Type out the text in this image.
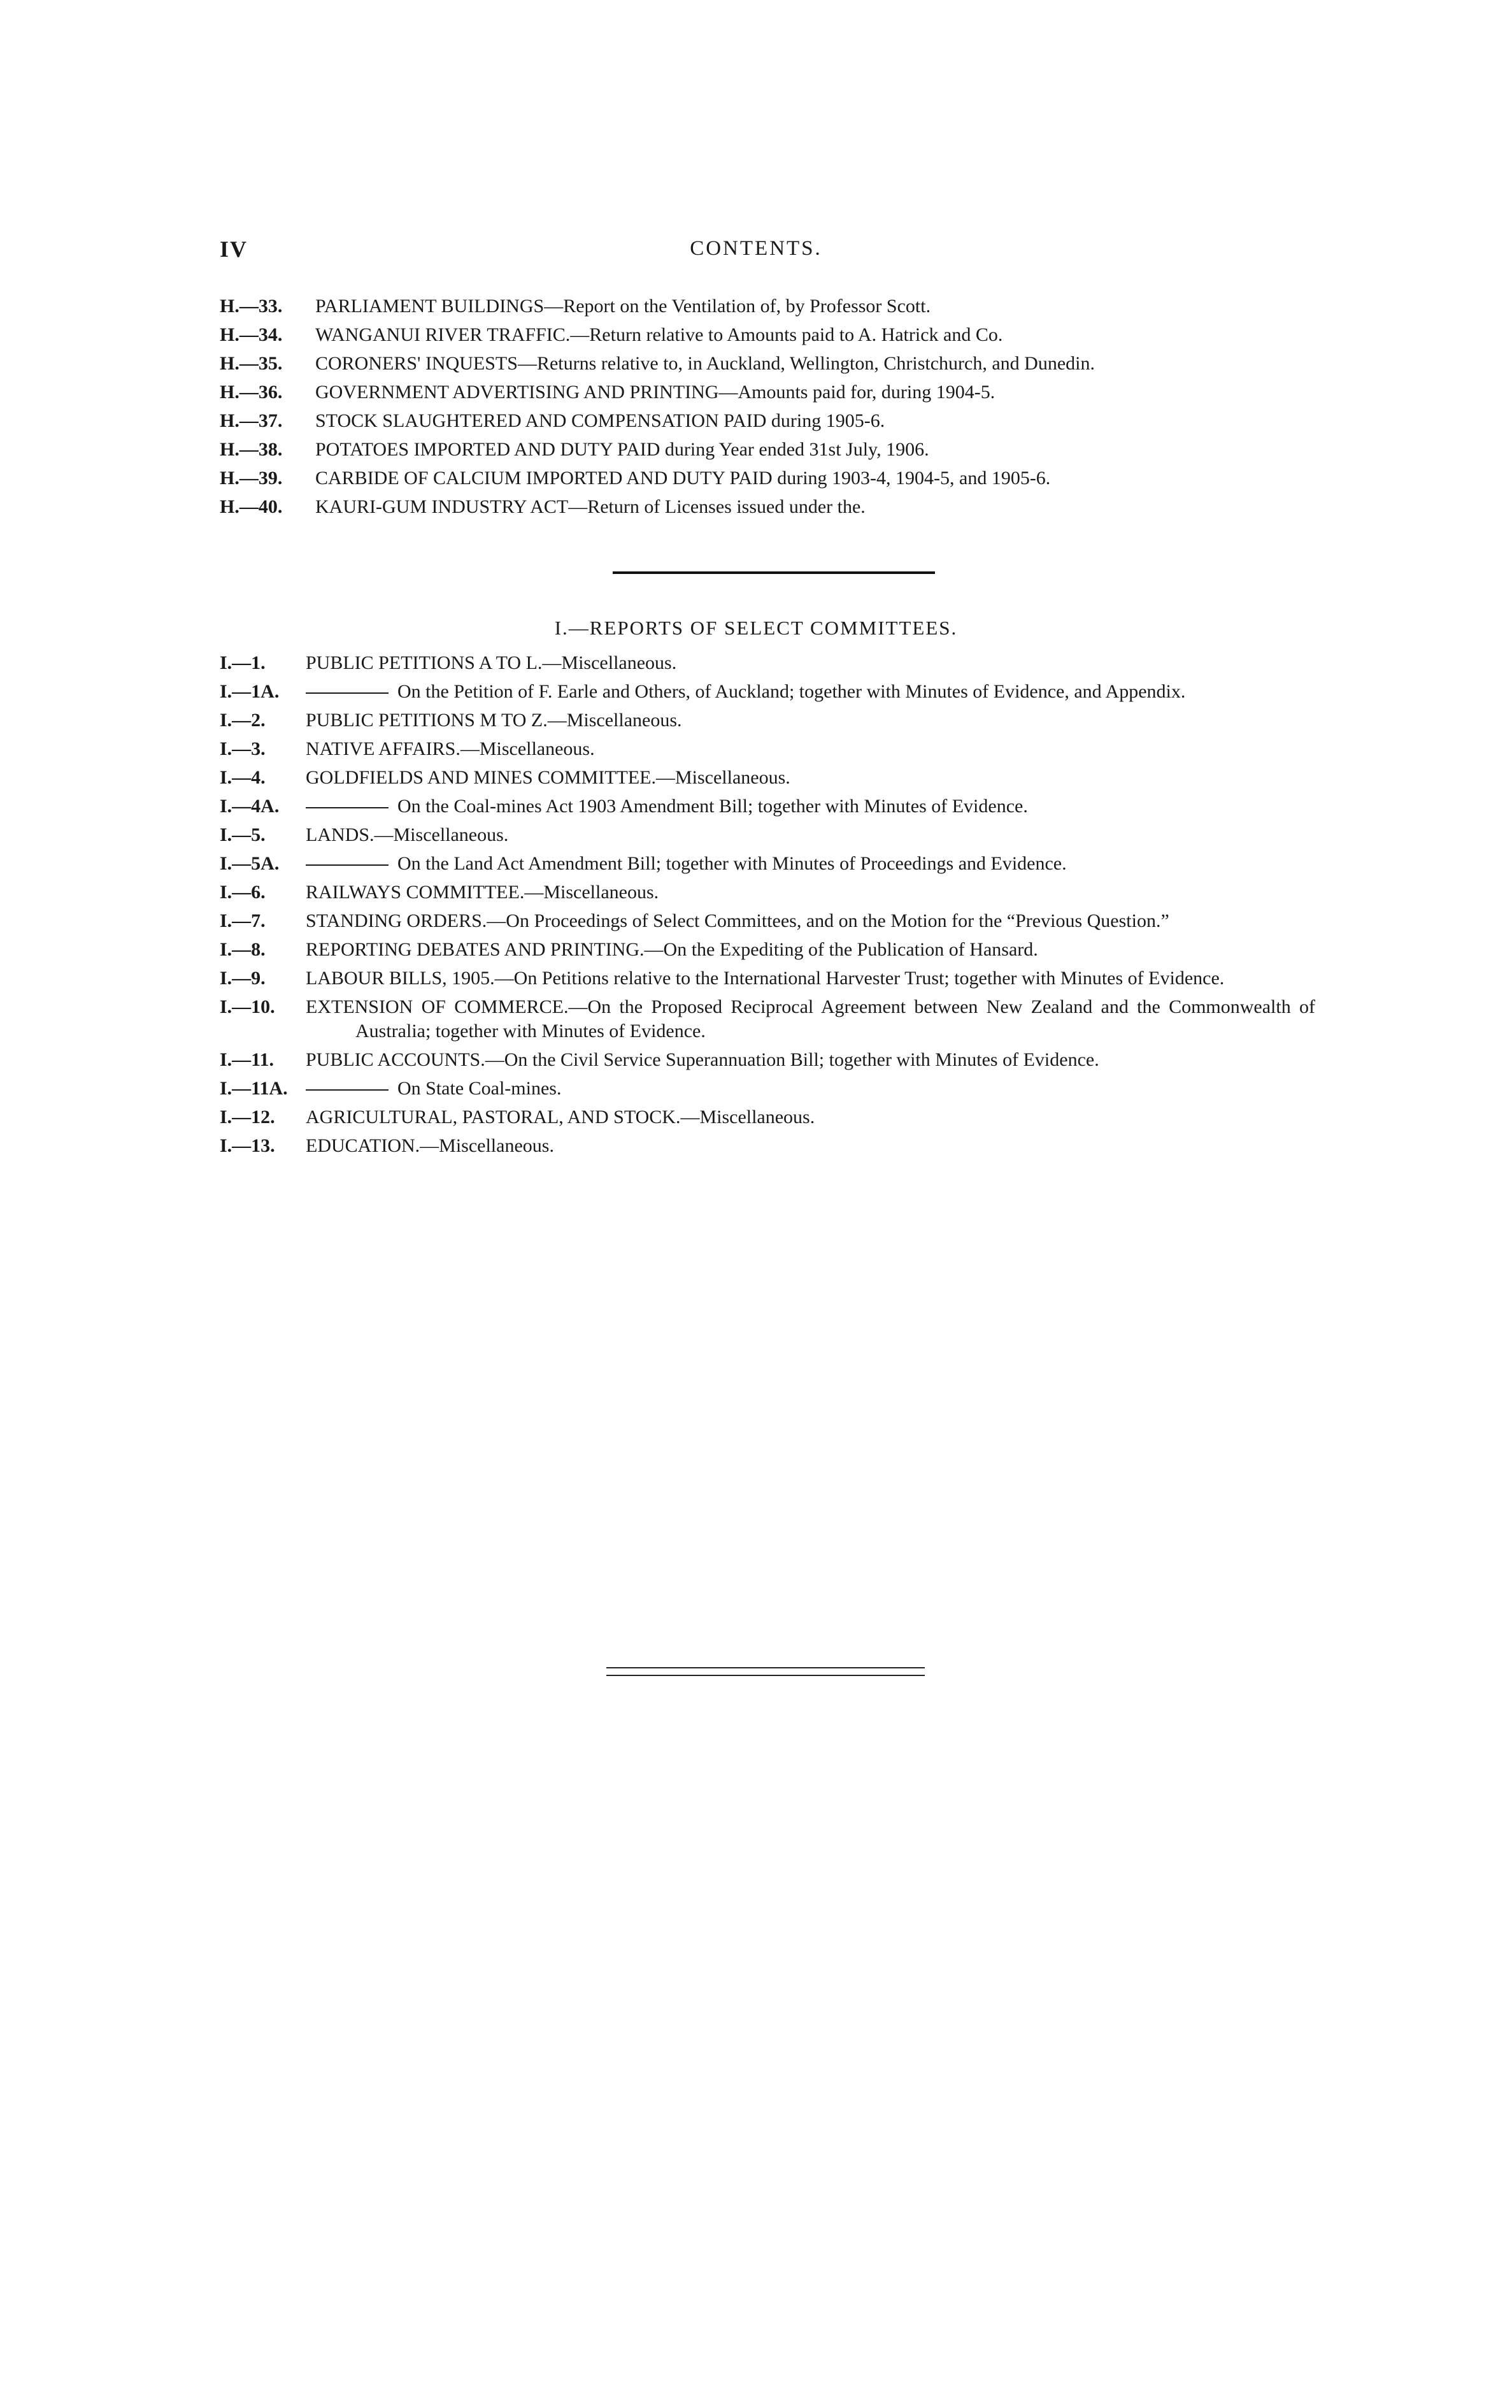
IV	CONTENTS.
H.—33.	PARLIAMENT BUILDINGS—Report on the Ventilation of, by Professor Scott.
H.—34.	WANGANUI RIVER TRAFFIC.—Return relative to Amounts paid to A. Hatrick and Co.
H.—35.	CORONERS' INQUESTS—Returns relative to, in Auckland, Wellington, Christchurch, and Dunedin.
H.—36.	GOVERNMENT ADVERTISING AND PRINTING—Amounts paid for, during 1904-5.
H.—37.	STOCK SLAUGHTERED AND COMPENSATION PAID during 1905-6.
H.—38.	POTATOES IMPORTED AND DUTY PAID during Year ended 31st July, 1906.
H.—39.	CARBIDE OF CALCIUM IMPORTED AND DUTY PAID during 1903-4, 1904-5, and 1905-6.
H.—40.	KAURI-GUM INDUSTRY ACT—Return of Licenses issued under the.
I.—REPORTS OF SELECT COMMITTEES.
I.—1.	PUBLIC PETITIONS A TO L.—Miscellaneous.
I.—1A.	On the Petition of F. Earle and Others, of Auckland; together with Minutes of Evidence, and Appendix.
I.—2.	PUBLIC PETITIONS M TO Z.—Miscellaneous.
I.—3.	NATIVE AFFAIRS.—Miscellaneous.
I.—4.	GOLDFIELDS AND MINES COMMITTEE.—Miscellaneous.
I.—4A.	On the Coal-mines Act 1903 Amendment Bill; together with Minutes of Evidence.
I.—5.	LANDS.—Miscellaneous.
I.—5A.	On the Land Act Amendment Bill; together with Minutes of Proceedings and Evidence.
I.—6.	RAILWAYS COMMITTEE.—Miscellaneous.
I.—7.	STANDING ORDERS.—On Proceedings of Select Committees, and on the Motion for the “Previous Question.”
I.—8.	REPORTING DEBATES AND PRINTING.—On the Expediting of the Publication of Hansard.
I.—9.	LABOUR BILLS, 1905.—On Petitions relative to the International Harvester Trust; together with Minutes of Evidence.
I.—10.	EXTENSION OF COMMERCE.—On the Proposed Reciprocal Agreement between New Zealand and the Commonwealth of Australia; together with Minutes of Evidence.
I.—11.	PUBLIC ACCOUNTS.—On the Civil Service Superannuation Bill; together with Minutes of Evidence.
I.—11A.	On State Coal-mines.
I.—12.	AGRICULTURAL, PASTORAL, AND STOCK.—Miscellaneous.
I.—13.	EDUCATION.—Miscellaneous.
